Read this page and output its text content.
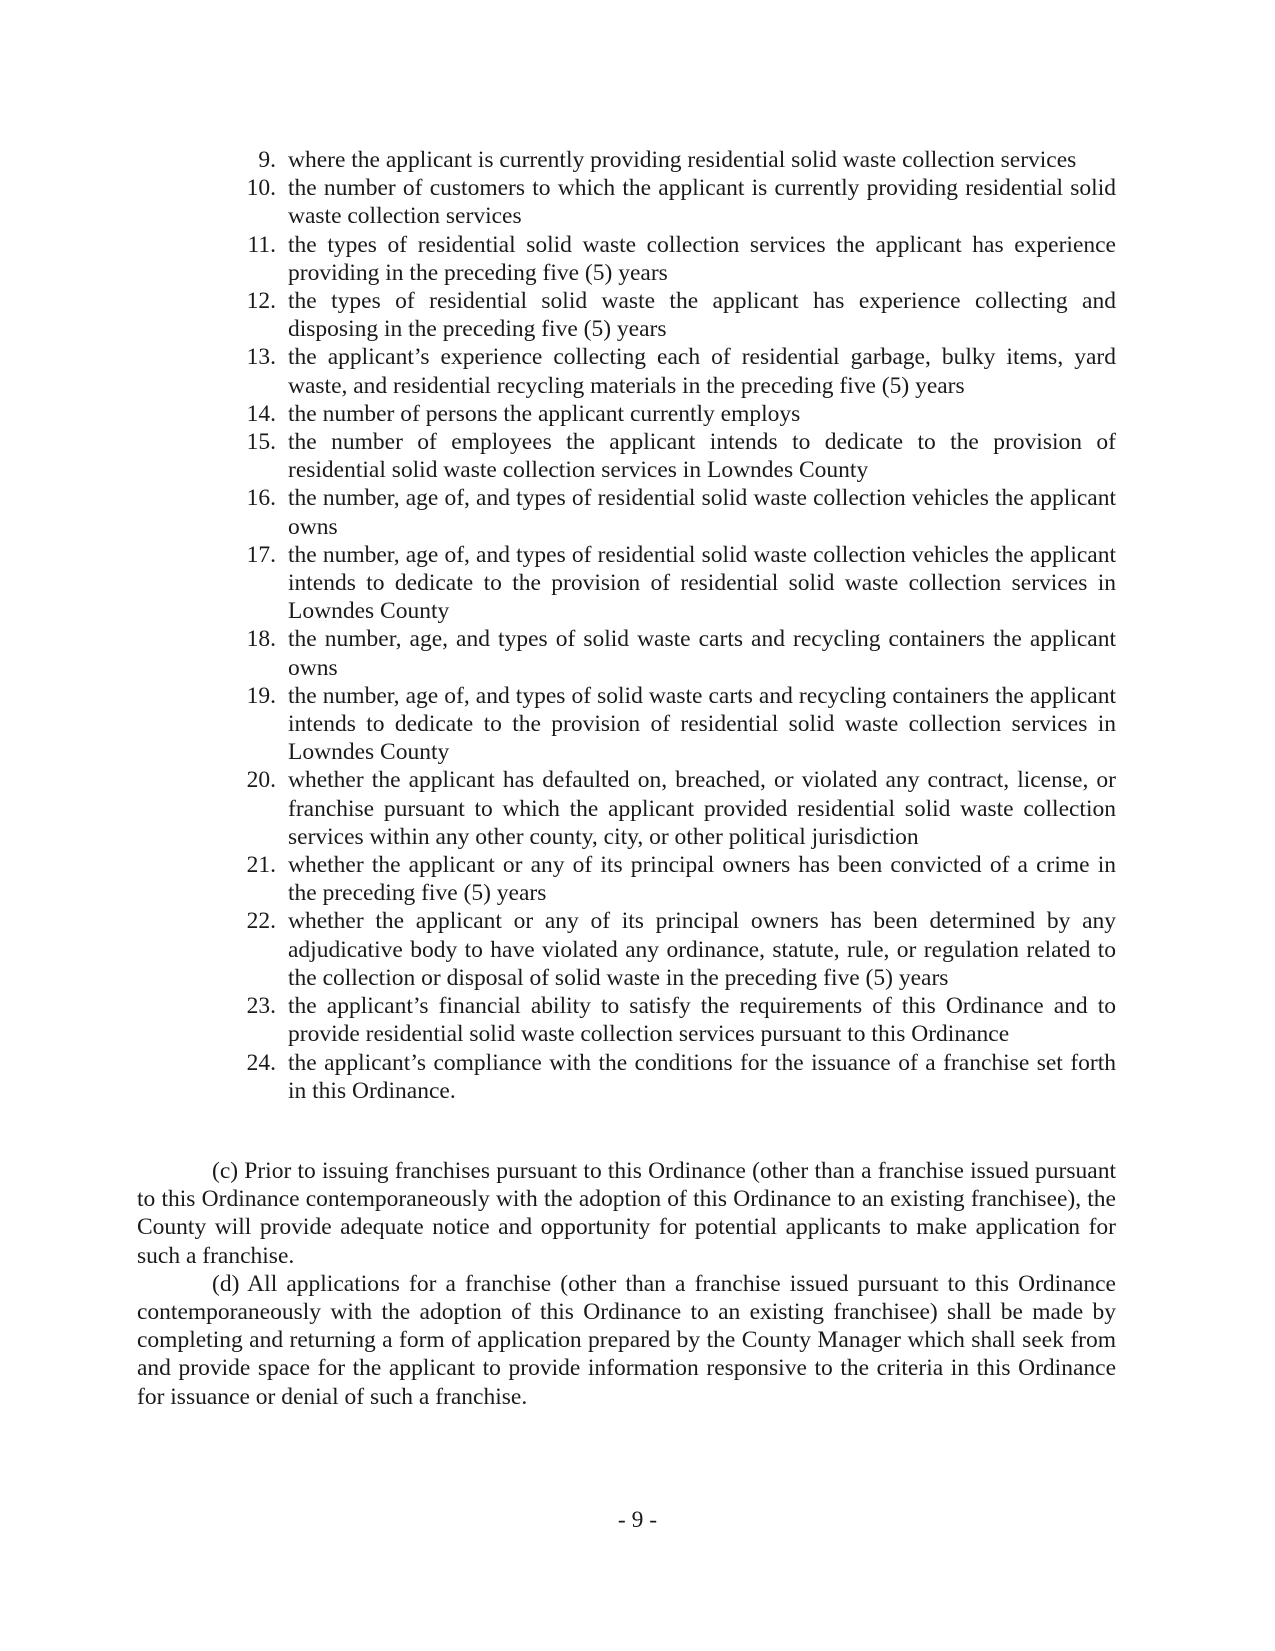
9. where the applicant is currently providing residential solid waste collection services
10. the number of customers to which the applicant is currently providing residential solid waste collection services
11. the types of residential solid waste collection services the applicant has experience providing in the preceding five (5) years
12. the types of residential solid waste the applicant has experience collecting and disposing in the preceding five (5) years
13. the applicant’s experience collecting each of residential garbage, bulky items, yard waste, and residential recycling materials in the preceding five (5) years
14. the number of persons the applicant currently employs
15. the number of employees the applicant intends to dedicate to the provision of residential solid waste collection services in Lowndes County
16. the number, age of, and types of residential solid waste collection vehicles the applicant owns
17. the number, age of, and types of residential solid waste collection vehicles the applicant intends to dedicate to the provision of residential solid waste collection services in Lowndes County
18. the number, age, and types of solid waste carts and recycling containers the applicant owns
19. the number, age of, and types of solid waste carts and recycling containers the applicant intends to dedicate to the provision of residential solid waste collection services in Lowndes County
20. whether the applicant has defaulted on, breached, or violated any contract, license, or franchise pursuant to which the applicant provided residential solid waste collection services within any other county, city, or other political jurisdiction
21. whether the applicant or any of its principal owners has been convicted of a crime in the preceding five (5) years
22. whether the applicant or any of its principal owners has been determined by any adjudicative body to have violated any ordinance, statute, rule, or regulation related to the collection or disposal of solid waste in the preceding five (5) years
23. the applicant’s financial ability to satisfy the requirements of this Ordinance and to provide residential solid waste collection services pursuant to this Ordinance
24. the applicant’s compliance with the conditions for the issuance of a franchise set forth in this Ordinance.

(c) Prior to issuing franchises pursuant to this Ordinance (other than a franchise issued pursuant to this Ordinance contemporaneously with the adoption of this Ordinance to an existing franchisee), the County will provide adequate notice and opportunity for potential applicants to make application for such a franchise.

(d) All applications for a franchise (other than a franchise issued pursuant to this Ordinance contemporaneously with the adoption of this Ordinance to an existing franchisee) shall be made by completing and returning a form of application prepared by the County Manager which shall seek from and provide space for the applicant to provide information responsive to the criteria in this Ordinance for issuance or denial of such a franchise.

- 9 -
